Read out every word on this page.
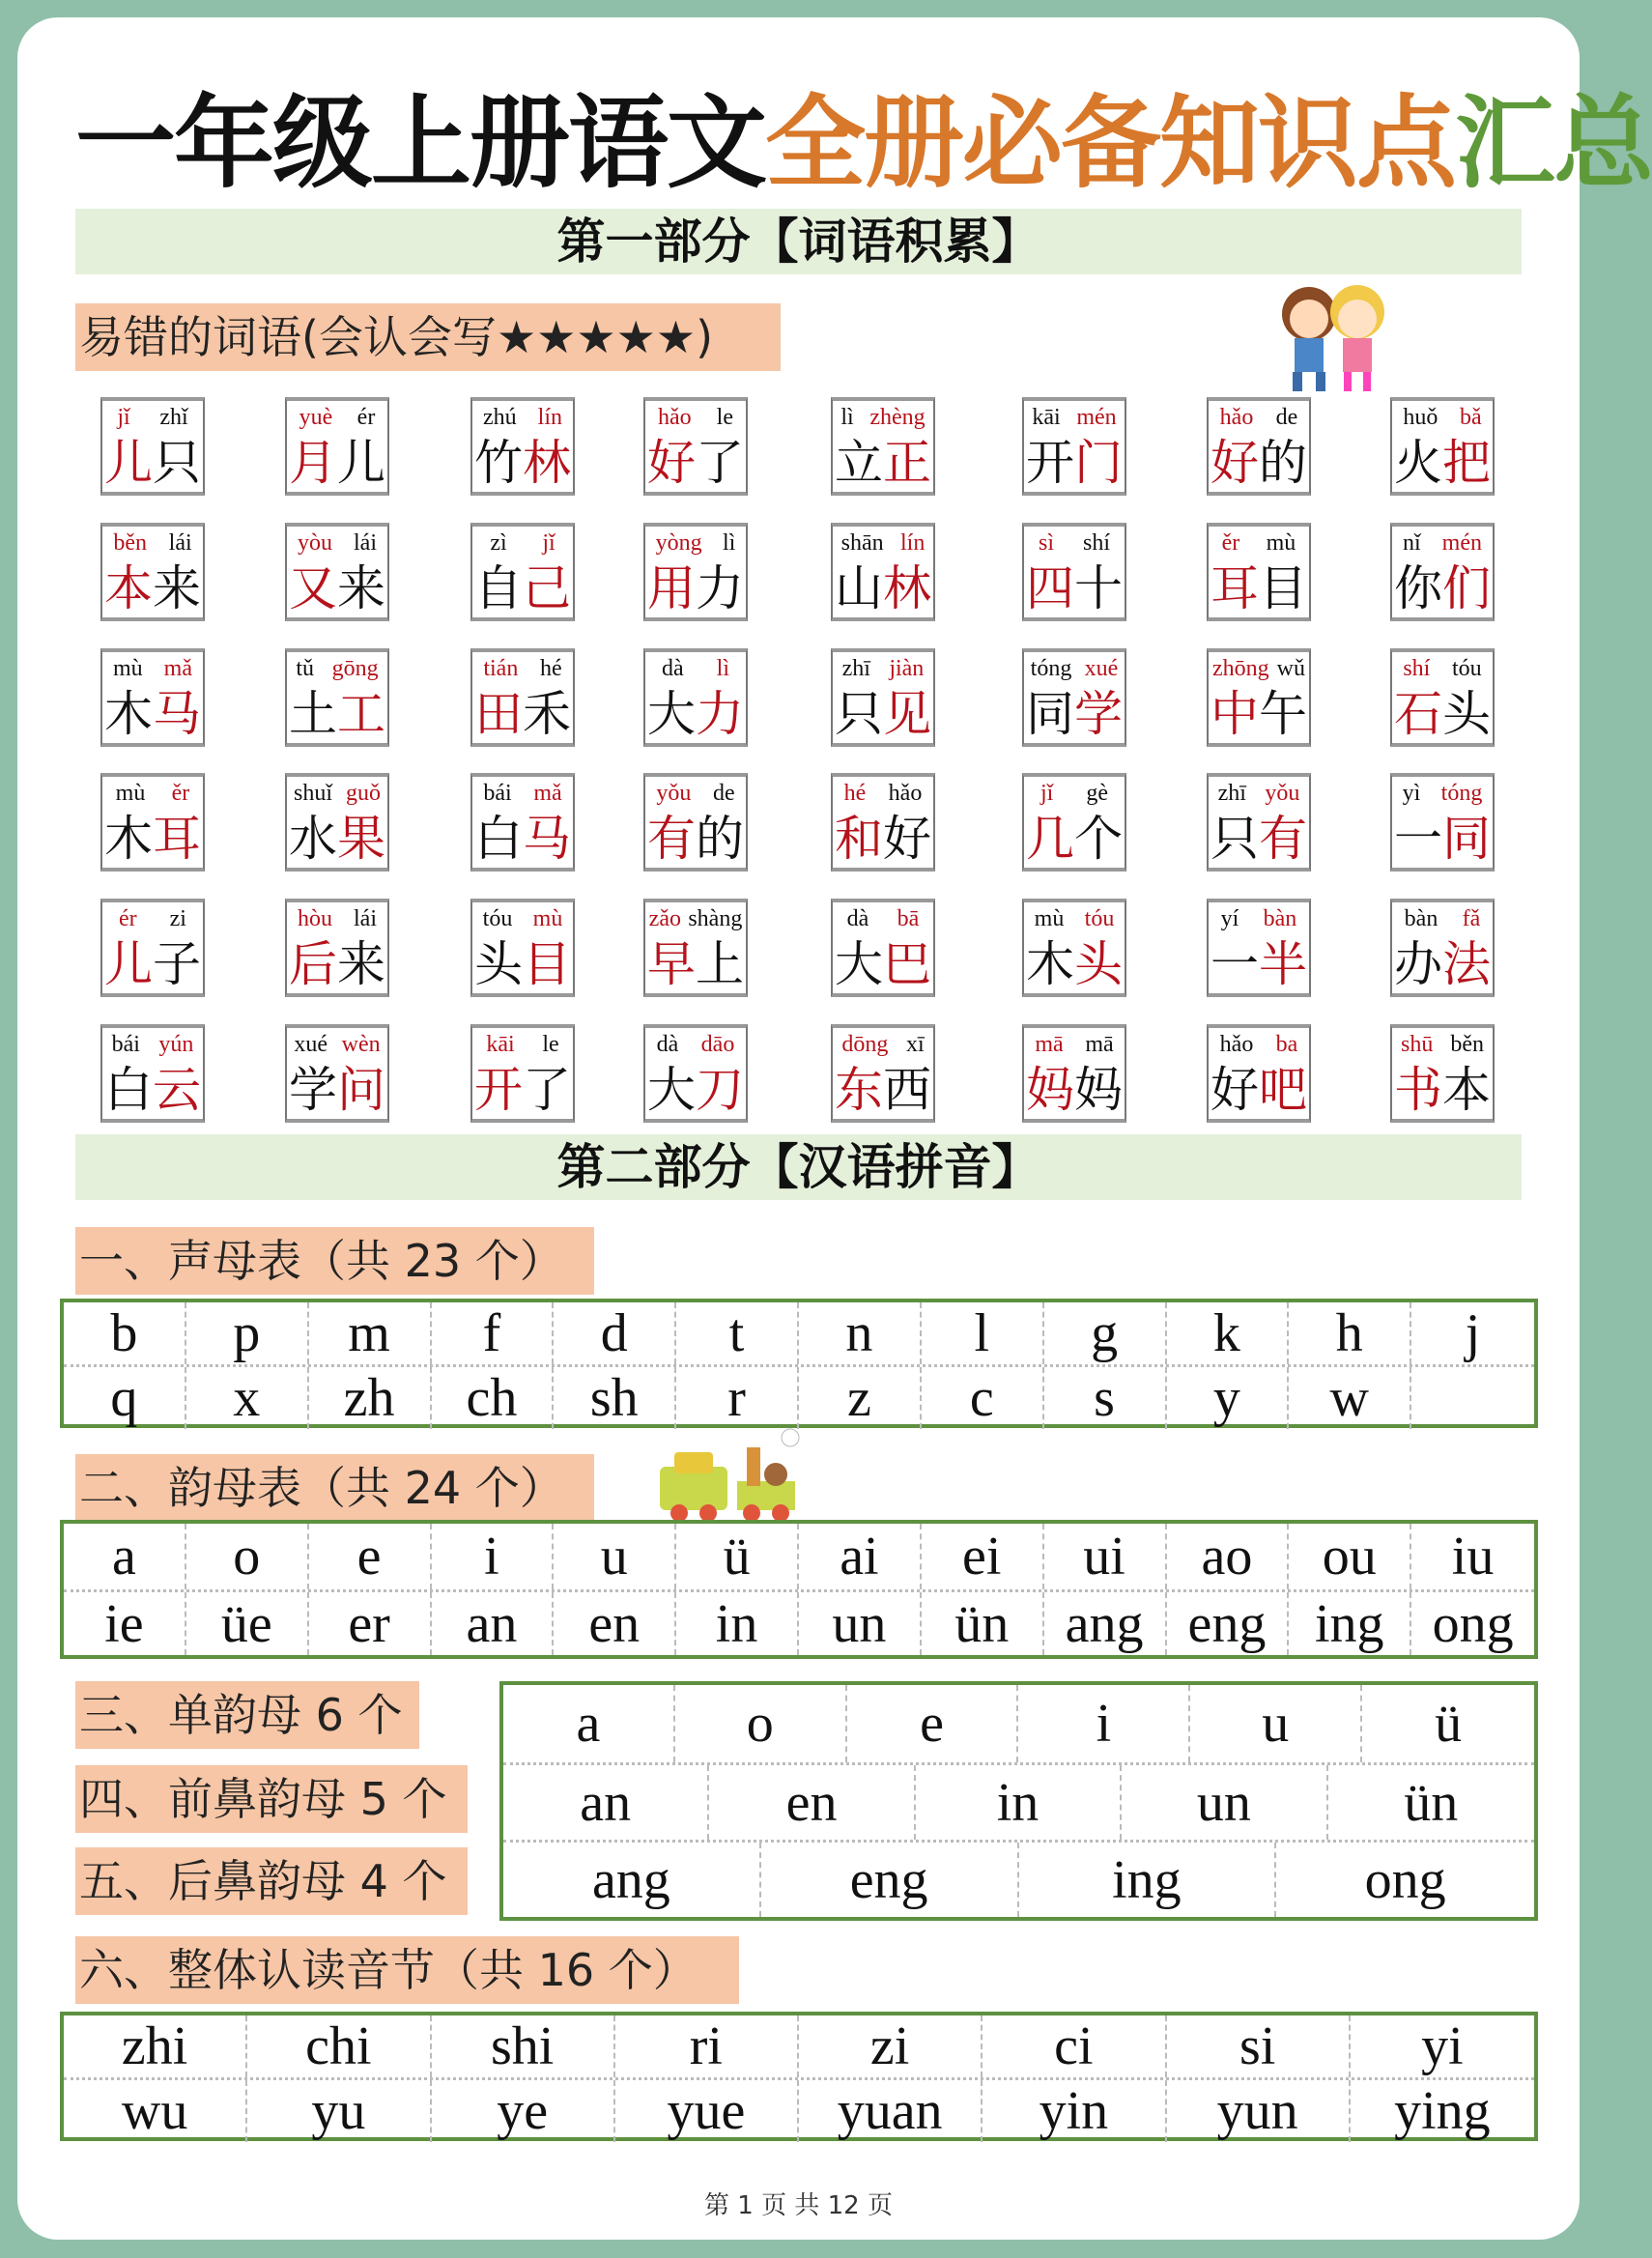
一年级上册语文全册必备知识点汇总
第一部分【词语积累】
易错的词语(会认会写★★★★★)
jǐ zhǐ
儿 只
yuè ér
月 儿
zhú lín
竹 林
hǎo le
好 了
lì zhèng
立 正
kāi mén
开 门
hǎo de
好 的
huǒ bǎ
火 把
běn lái
本 来
yòu lái
又 来
zì jǐ
自 己
yòng lì
用 力
shān lín
山 林
sì shí
四 十
ěr mù
耳 目
nǐ mén
你 们
mù mǎ
木 马
tǔ gōng
土 工
tián hé
田 禾
dà lì
大 力
zhī jiàn
只 见
tóng xué
同 学
zhōng wǔ
中 午
shí tóu
石 头
mù ěr
木 耳
shuǐ guǒ
水 果
bái mǎ
白 马
yǒu de
有 的
hé hǎo
和 好
jǐ gè
几 个
zhī yǒu
只 有
yì tóng
一 同
ér zi
儿 子
hòu lái
后 来
tóu mù
头 目
zǎo shàng
早 上
dà bā
大 巴
mù tóu
木 头
yí bàn
一 半
bàn fǎ
办 法
bái yún
白 云
xué wèn
学 问
kāi le
开 了
dà dāo
大 刀
dōng xī
东 西
mā mā
妈 妈
hǎo ba
好 吧
shū běn
书 本
第二部分【汉语拼音】
一、声母表（共 23 个）
b	p	m	f	d	t	n	l	g	k	h	j
q	x	zh	ch	sh	r	z	c	s	y	w
二、韵母表（共 24 个）
a	o	e	i	u	ü	ai	ei	ui	ao	ou	iu
ie	üe	er	an	en	in	un	ün	ang eng ing ong
三、单韵母 6 个
四、前鼻韵母 5 个
五、后鼻韵母 4 个
a	o	e	i	u	ü
an	en	in	un	ün
ang	eng	ing	ong
六、整体认读音节（共 16 个）
zhi	chi	shi	ri	zi	ci	si	yi
wu	yu	ye	yue	yuan	yin	yun	ying
第 1 页 共 12 页
